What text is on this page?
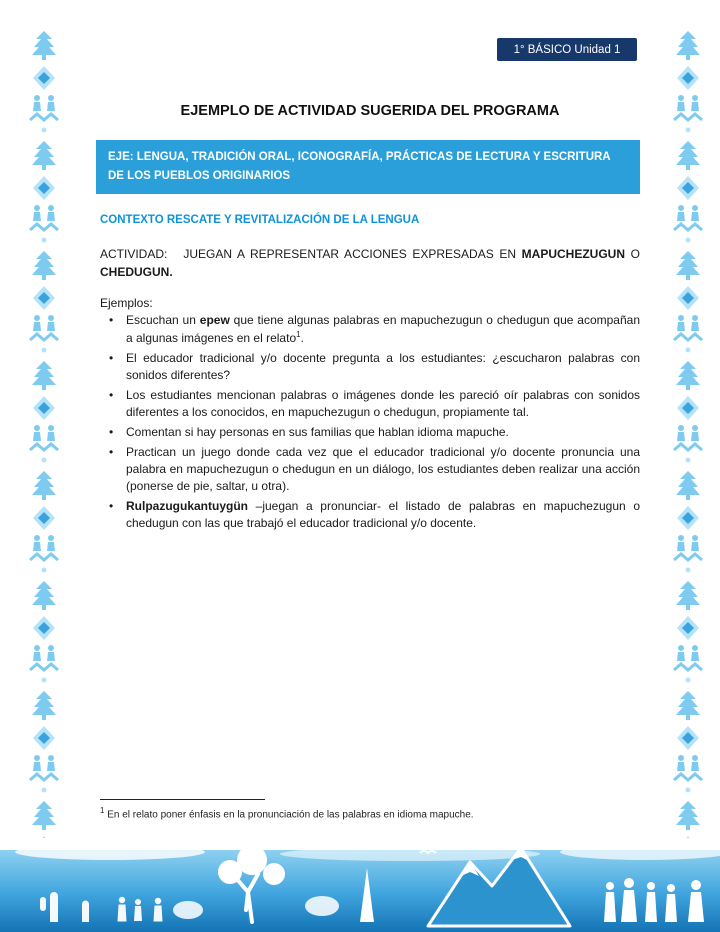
1° BÁSICO Unidad 1
EJEMPLO DE ACTIVIDAD SUGERIDA DEL PROGRAMA
EJE: LENGUA, TRADICIÓN ORAL, ICONOGRAFÍA, PRÁCTICAS DE LECTURA Y ESCRITURA DE LOS PUEBLOS ORIGINARIOS
CONTEXTO RESCATE Y REVITALIZACIÓN DE LA LENGUA

ACTIVIDAD: JUEGAN A REPRESENTAR ACCIONES EXPRESADAS EN MAPUCHEZUGUN O CHEDUGUN.

Ejemplos:

• Escuchan un epew que tiene algunas palabras en mapuchezugun o chedugun que acompañan a algunas imágenes en el relato$^1$.
• El educador tradicional y/o docente pregunta a los estudiantes: ¿escucharon palabras con sonidos diferentes?
• Los estudiantes mencionan palabras o imágenes donde les pareció oír palabras con sonidos diferentes a los conocidos, en mapuchezugun o chedugun, propiamente tal.
• Comentan si hay personas en sus familias que hablan idioma mapuche.
• Practican un juego donde cada vez que el educador tradicional y/o docente pronuncia una palabra en mapuchezugun o chedugun en un diálogo, los estudiantes deben realizar una acción (ponerse de pie, saltar, u otra).
• Rulpazugukantuygün –juegan a pronunciar- el listado de palabras en mapuchezugun o chedugun con las que trabajó el educador tradicional y/o docente.

$^1$ En el relato poner énfasis en la pronunciación de las palabras en idioma mapuche.
